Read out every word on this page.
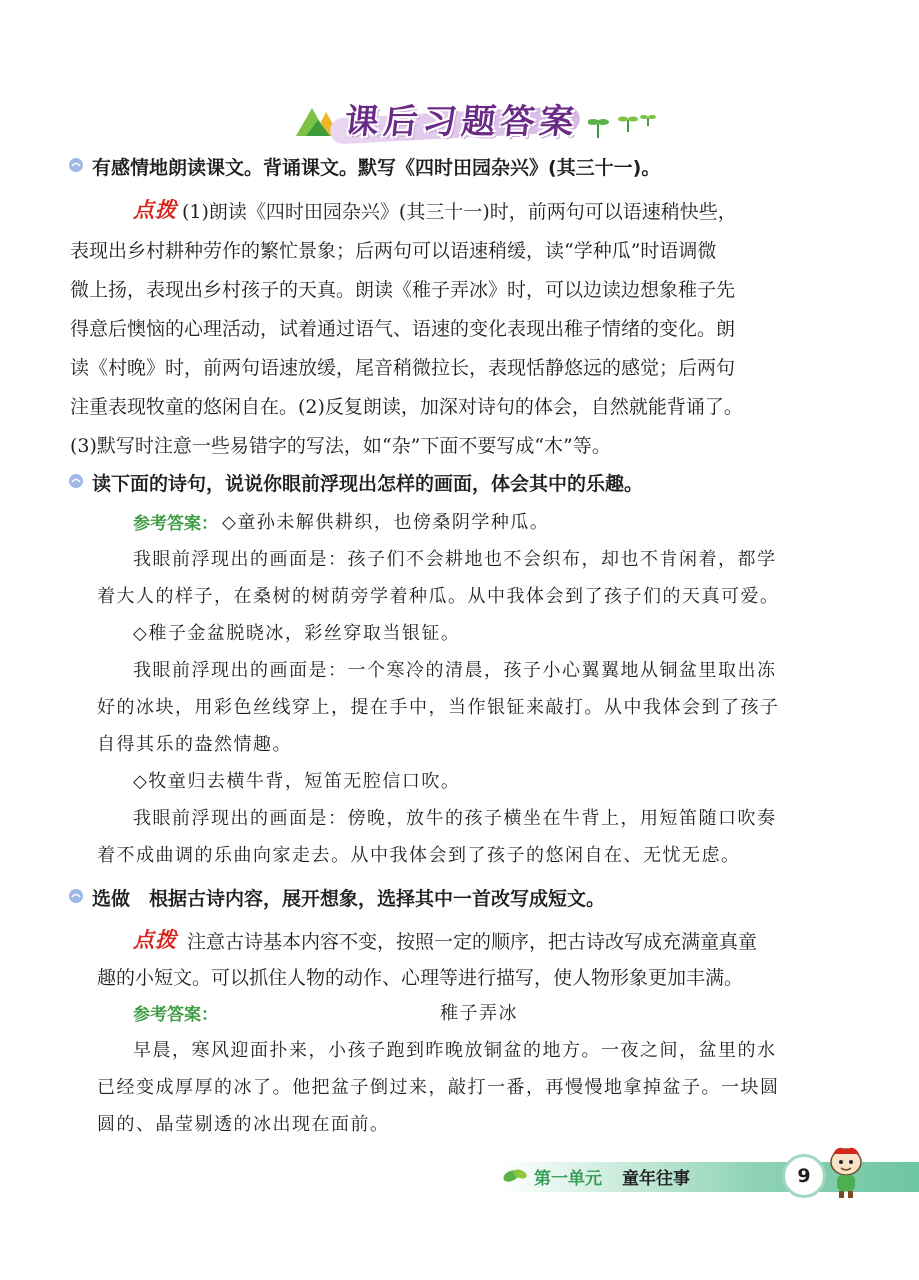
课后习题答案
有感情地朗读课文。背诵课文。默写《四时田园杂兴》(其三十一)。
点拨 (1)朗读《四时田园杂兴》(其三十一)时，前两句可以语速稍快些，
表现出乡村耕种劳作的繁忙景象；后两句可以语速稍缓，读“学种瓜”时语调微
微上扬，表现出乡村孩子的天真。朗读《稚子弄冰》时，可以边读边想象稚子先
得意后懊恼的心理活动，试着通过语气、语速的变化表现出稚子情绪的变化。朗
读《村晚》时，前两句语速放缓，尾音稍微拉长，表现恬静悠远的感觉；后两句
注重表现牧童的悠闲自在。(2)反复朗读，加深对诗句的体会，自然就能背诵了。
(3)默写时注意一些易错字的写法，如“杂”下面不要写成“木”等。
读下面的诗句，说说你眼前浮现出怎样的画面，体会其中的乐趣。
参考答案： ◇童孙未解供耕织，也傍桑阴学种瓜。
我眼前浮现出的画面是：孩子们不会耕地也不会织布，却也不肯闲着，都学
着大人的样子，在桑树的树荫旁学着种瓜。从中我体会到了孩子们的天真可爱。
◇稚子金盆脱晓冰，彩丝穿取当银钲。
我眼前浮现出的画面是：一个寒冷的清晨，孩子小心翼翼地从铜盆里取出冻
好的冰块，用彩色丝线穿上，提在手中，当作银钲来敲打。从中我体会到了孩子
自得其乐的盎然情趣。
◇牧童归去横牛背，短笛无腔信口吹。
我眼前浮现出的画面是：傍晚，放牛的孩子横坐在牛背上，用短笛随口吹奏
着不成曲调的乐曲向家走去。从中我体会到了孩子的悠闲自在、无忧无虑。
选做　根据古诗内容，展开想象，选择其中一首改写成短文。
点拨 注意古诗基本内容不变，按照一定的顺序，把古诗改写成充满童真童
趣的小短文。可以抓住人物的动作、心理等进行描写，使人物形象更加丰满。
参考答案：	稚子弄冰
早晨，寒风迎面扑来，小孩子跑到昨晚放铜盆的地方。一夜之间，盆里的水
已经变成厚厚的冰了。他把盆子倒过来，敲打一番，再慢慢地拿掉盆子。一块圆
圆的、晶莹剔透的冰出现在面前。
第一单元 童年往事	9
